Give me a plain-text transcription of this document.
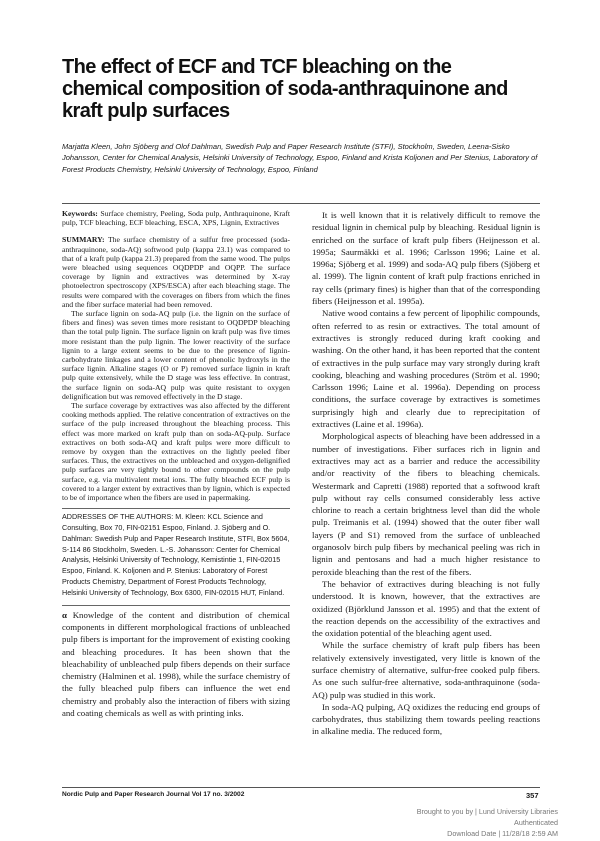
The effect of ECF and TCF bleaching on the chemical composition of soda-anthraquinone and kraft pulp surfaces

Marjatta Kleen, John Sjöberg and Olof Dahlman, Swedish Pulp and Paper Research Institute (STFI), Stockholm, Sweden, Leena-Sisko Johansson, Center for Chemical Analysis, Helsinki University of Technology, Espoo, Finland and Krista Koljonen and Per Stenius, Laboratory of Forest Products Chemistry, Helsinki University of Technology, Espoo, Finland

Keywords: Surface chemistry, Peeling, Soda pulp, Anthraquinone, Kraft pulp, TCF bleaching, ECF bleaching, ESCA, XPS, Lignin, Extractives

SUMMARY: The surface chemistry of a sulfur free processed (soda-anthraquinone, soda-AQ) softwood pulp (kappa 23.1) was compared to that of a kraft pulp (kappa 21.3) prepared from the same wood. The pulps were bleached using sequences OQDPDP and OQPP. The surface coverage by lignin and extractives was determined by X-ray photoelectron spectroscopy (XPS/ESCA) after each bleaching stage. The results were compared with the coverages on fibers from which the fines and the fiber surface material had been removed.

The surface lignin on soda-AQ pulp (i.e. the lignin on the surface of fibers and fines) was seven times more resistant to OQDPDP bleaching than the total pulp lignin. The surface lignin on kraft pulp was five times more resistant than the pulp lignin. The lower reactivity of the surface lignin to a large extent seems to be due to the presence of lignin-carbohydrate linkages and a lower content of phenolic hydroxyls in the surface lignin. Alkaline stages (O or P) removed surface lignin in kraft pulp quite extensively, while the D stage was less effective. In contrast, the surface lignin on soda-AQ pulp was quite resistant to oxygen delignification but was removed effectively in the D stage.

The surface coverage by extractives was also affected by the different cooking methods applied. The relative concentration of extractives on the surface of the pulp increased throughout the bleaching process. This effect was more marked on kraft pulp than on soda-AQ-pulp. Surface extractives on both soda-AQ and kraft pulps were more difficult to remove by oxygen than the extractives on the lightly peeled fiber surfaces. Thus, the extractives on the unbleached and oxygen-delignified pulp surfaces are very tightly bound to other compounds on the pulp surface, e.g. via multivalent metal ions. The fully bleached ECF pulp is covered to a larger extent by extractives than by lignin, which is expected to be of importance when the fibers are used in papermaking.

ADDRESSES OF THE AUTHORS: M. Kleen: KCL Science and Consulting, Box 70, FIN-02151 Espoo, Finland. J. Sjöberg and O. Dahlman: Swedish Pulp and Paper Research Institute, STFI, Box 5604, S-114 86 Stockholm, Sweden. L.-S. Johansson: Center for Chemical Analysis, Helsinki University of Technology, Kemistintie 1, FIN-02015 Espoo, Finland. K. Koljonen and P. Stenius: Laboratory of Forest Products Chemistry, Department of Forest Products Technology, Helsinki University of Technology, Box 6300, FIN-02015 HUT, Finland.

α Knowledge of the content and distribution of chemical components in different morphological fractions of unbleached pulp fibers is important for the improvement of existing cooking and bleaching procedures. It has been shown that the bleachability of unbleached pulp fibers depends on their surface chemistry (Halminen et al. 1998), while the surface chemistry of the fully bleached pulp fibers can influence the wet end chemistry and probably also the interaction of fibers with sizing and coating chemicals as well as with printing inks.

It is well known that it is relatively difficult to remove the residual lignin in chemical pulp by bleaching. Residual lignin is enriched on the surface of kraft pulp fibers (Heijnesson et al. 1995a; Saurmäkki et al. 1996; Carlsson 1996; Laine et al. 1996a; Sjöberg et al. 1999) and soda-AQ pulp fibers (Sjöberg et al. 1999). The lignin content of kraft pulp fractions enriched in ray cells (primary fines) is higher than that of the corresponding fibers (Heijnesson et al. 1995a).

Native wood contains a few percent of lipophilic compounds, often referred to as resin or extractives. The total amount of extractives is strongly reduced during kraft cooking and washing. On the other hand, it has been reported that the content of extractives in the pulp surface may vary strongly during kraft cooking, bleaching and washing procedures (Ström et al. 1990; Carlsson 1996; Laine et al. 1996a). Depending on process conditions, the surface coverage by extractives is sometimes surprisingly high and clearly due to reprecipitation of extractives (Laine et al. 1996a).

Morphological aspects of bleaching have been addressed in a number of investigations. Fiber surfaces rich in lignin and extractives may act as a barrier and reduce the accessibility and/or reactivity of the fibers to bleaching chemicals. Westermark and Capretti (1988) reported that a softwood kraft pulp without ray cells consumed considerably less active chlorine to reach a certain brightness level than did the whole pulp. Treimanis et al. (1994) showed that the outer fiber wall layers (P and S1) removed from the surface of unbleached organosolv birch pulp fibers by mechanical peeling was rich in lignin and pentosans and had a much higher resistance to peroxide bleaching than the rest of the fibers.

The behavior of extractives during bleaching is not fully understood. It is known, however, that the extractives are oxidized (Björklund Jansson et al. 1995) and that the extent of the reaction depends on the accessibility of the extractives and the oxidation potential of the bleaching agent used.

While the surface chemistry of kraft pulp fibers has been relatively extensively investigated, very little is known of the surface chemistry of alternative, sulfur-free cooked pulp fibers. As one such sulfur-free alternative, soda-anthraquinone (soda-AQ) pulp was studied in this work.

In soda-AQ pulping, AQ oxidizes the reducing end groups of carbohydrates, thus stabilizing them towards peeling reactions in alkaline media. The reduced form,

Nordic Pulp and Paper Research Journal Vol 17 no. 3/2002	357
Brought to you by | Lund University Libraries
Authenticated
Download Date | 11/28/18 2:59 AM
